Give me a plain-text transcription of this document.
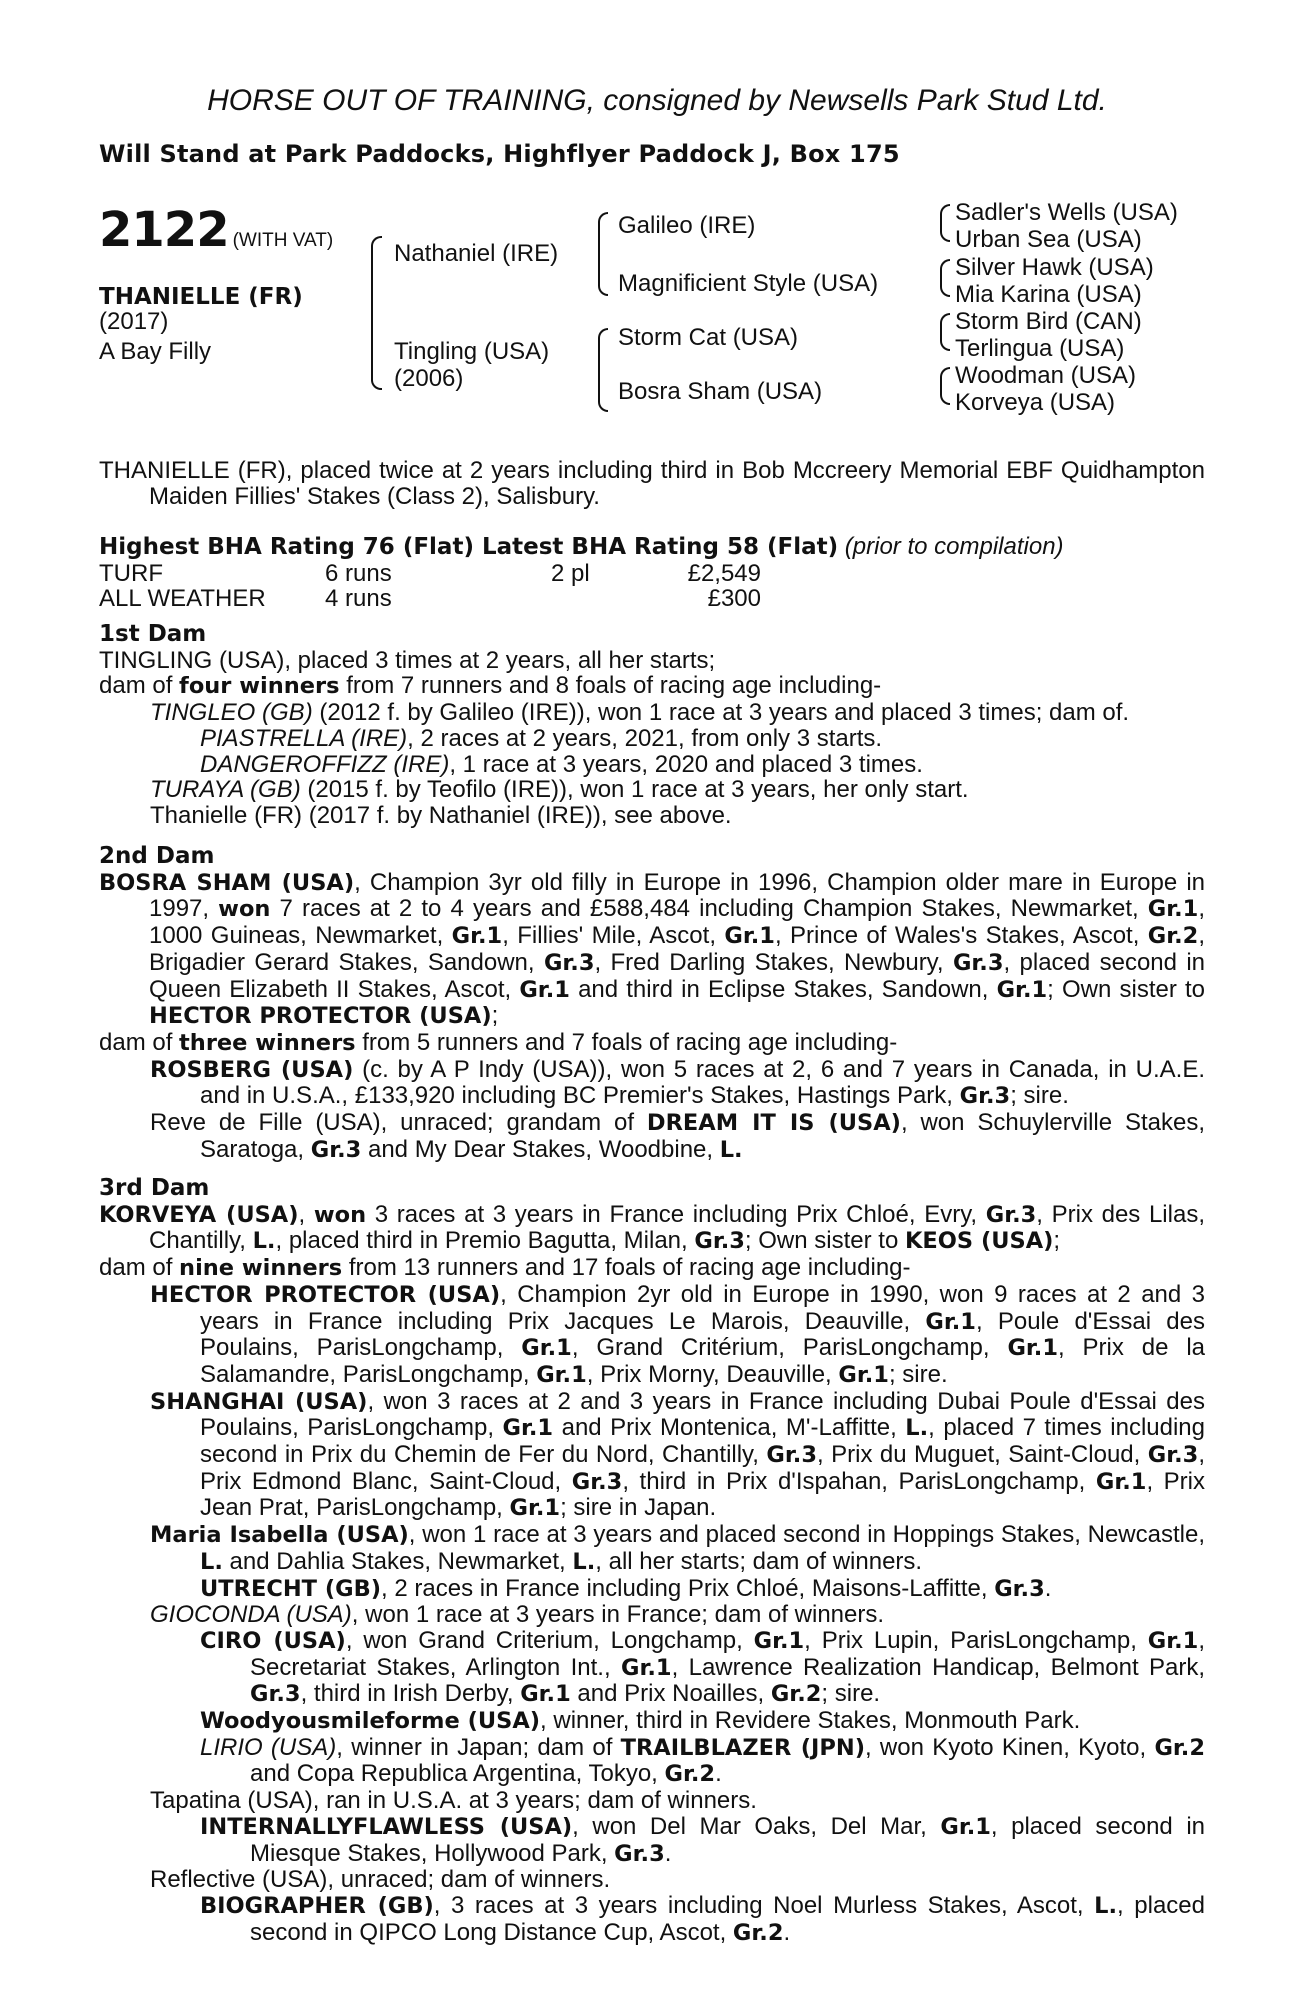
HORSE OUT OF TRAINING, consigned by Newsells Park Stud Ltd.
Will Stand at Park Paddocks, Highflyer Paddock J, Box 175
2122 (WITH VAT)
THANIELLE (FR)
(2017)
A Bay Filly
Nathaniel (IRE)
Tingling (USA)
(2006)
Galileo (IRE)
Magnificient Style (USA)
Storm Cat (USA)
Bosra Sham (USA)
Sadler's Wells (USA)
Urban Sea (USA)
Silver Hawk (USA)
Mia Karina (USA)
Storm Bird (CAN)
Terlingua (USA)
Woodman (USA)
Korveya (USA)

THANIELLE (FR), placed twice at 2 years including third in Bob Mccreery Memorial EBF Quidhampton Maiden Fillies' Stakes (Class 2), Salisbury.

Highest BHA Rating 76 (Flat) Latest BHA Rating 58 (Flat) (prior to compilation)
TURF	6 runs	2 pl	£2,549
ALL WEATHER	4 runs	£300
1st Dam

TINGLING (USA), placed 3 times at 2 years, all her starts;

dam of four winners from 7 runners and 8 foals of racing age including-

TINGLEO (GB) (2012 f. by Galileo (IRE)), won 1 race at 3 years and placed 3 times; dam of.

PIASTRELLA (IRE), 2 races at 2 years, 2021, from only 3 starts.

DANGEROFFIZZ (IRE), 1 race at 3 years, 2020 and placed 3 times.

TURAYA (GB) (2015 f. by Teofilo (IRE)), won 1 race at 3 years, her only start.

Thanielle (FR) (2017 f. by Nathaniel (IRE)), see above.

2nd Dam

BOSRA SHAM (USA), Champion 3yr old filly in Europe in 1996, Champion older mare in Europe in 1997, won 7 races at 2 to 4 years and £588,484 including Champion Stakes, Newmarket, Gr.1, 1000 Guineas, Newmarket, Gr.1, Fillies' Mile, Ascot, Gr.1, Prince of Wales's Stakes, Ascot, Gr.2, Brigadier Gerard Stakes, Sandown, Gr.3, Fred Darling Stakes, Newbury, Gr.3, placed second in Queen Elizabeth II Stakes, Ascot, Gr.1 and third in Eclipse Stakes, Sandown, Gr.1; Own sister to HECTOR PROTECTOR (USA);

dam of three winners from 5 runners and 7 foals of racing age including-

ROSBERG (USA) (c. by A P Indy (USA)), won 5 races at 2, 6 and 7 years in Canada, in U.A.E. and in U.S.A., £133,920 including BC Premier's Stakes, Hastings Park, Gr.3; sire.

Reve de Fille (USA), unraced; grandam of DREAM IT IS (USA), won Schuylerville Stakes, Saratoga, Gr.3 and My Dear Stakes, Woodbine, L.

3rd Dam

KORVEYA (USA), won 3 races at 3 years in France including Prix Chloé, Evry, Gr.3, Prix des Lilas, Chantilly, L., placed third in Premio Bagutta, Milan, Gr.3; Own sister to KEOS (USA);

dam of nine winners from 13 runners and 17 foals of racing age including-

HECTOR PROTECTOR (USA), Champion 2yr old in Europe in 1990, won 9 races at 2 and 3 years in France including Prix Jacques Le Marois, Deauville, Gr.1, Poule d'Essai des Poulains, ParisLongchamp, Gr.1, Grand Critérium, ParisLongchamp, Gr.1, Prix de la Salamandre, ParisLongchamp, Gr.1, Prix Morny, Deauville, Gr.1; sire.

SHANGHAI (USA), won 3 races at 2 and 3 years in France including Dubai Poule d'Essai des Poulains, ParisLongchamp, Gr.1 and Prix Montenica, M'-Laffitte, L., placed 7 times including second in Prix du Chemin de Fer du Nord, Chantilly, Gr.3, Prix du Muguet, Saint-Cloud, Gr.3, Prix Edmond Blanc, Saint-Cloud, Gr.3, third in Prix d'Ispahan, ParisLongchamp, Gr.1, Prix Jean Prat, ParisLongchamp, Gr.1; sire in Japan.

Maria Isabella (USA), won 1 race at 3 years and placed second in Hoppings Stakes, Newcastle, L. and Dahlia Stakes, Newmarket, L., all her starts; dam of winners.

UTRECHT (GB), 2 races in France including Prix Chloé, Maisons-Laffitte, Gr.3.

GIOCONDA (USA), won 1 race at 3 years in France; dam of winners.

CIRO (USA), won Grand Criterium, Longchamp, Gr.1, Prix Lupin, ParisLongchamp, Gr.1, Secretariat Stakes, Arlington Int., Gr.1, Lawrence Realization Handicap, Belmont Park, Gr.3, third in Irish Derby, Gr.1 and Prix Noailles, Gr.2; sire.

Woodyousmileforme (USA), winner, third in Revidere Stakes, Monmouth Park.

LIRIO (USA), winner in Japan; dam of TRAILBLAZER (JPN), won Kyoto Kinen, Kyoto, Gr.2 and Copa Republica Argentina, Tokyo, Gr.2.

Tapatina (USA), ran in U.S.A. at 3 years; dam of winners.

INTERNALLYFLAWLESS (USA), won Del Mar Oaks, Del Mar, Gr.1, placed second in Miesque Stakes, Hollywood Park, Gr.3.

Reflective (USA), unraced; dam of winners.

BIOGRAPHER (GB), 3 races at 3 years including Noel Murless Stakes, Ascot, L., placed second in QIPCO Long Distance Cup, Ascot, Gr.2.
